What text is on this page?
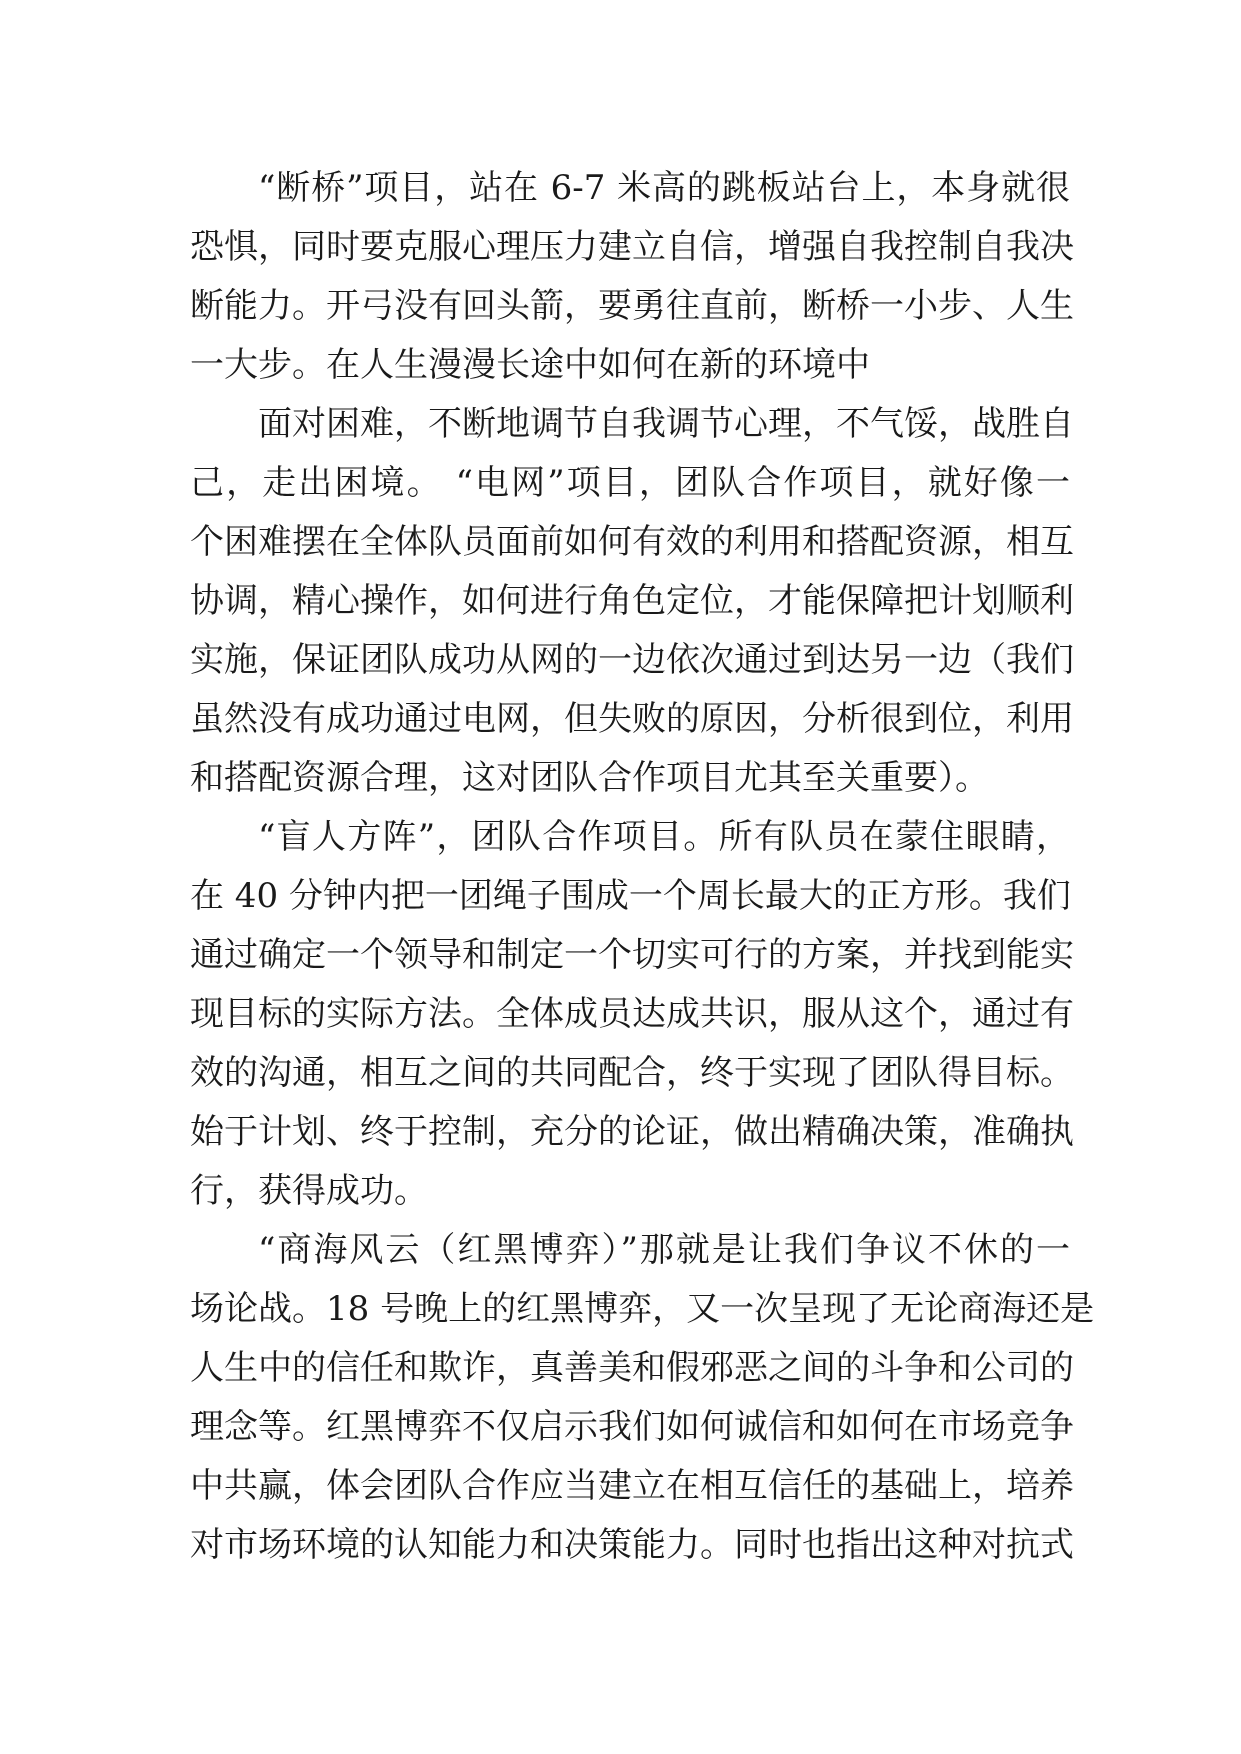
“断桥”项目，站在 6-7 米高的跳板站台上，本身就很
恐惧，同时要克服心理压力建立自信，增强自我控制自我决
断能力。开弓没有回头箭，要勇往直前，断桥一小步、人生
一大步。在人生漫漫长途中如何在新的环境中
面对困难，不断地调节自我调节心理，不气馁，战胜自
己，走出困境。 “电网”项目，团队合作项目，就好像一
个困难摆在全体队员面前如何有效的利用和搭配资源，相互
协调，精心操作，如何进行角色定位，才能保障把计划顺利
实施，保证团队成功从网的一边依次通过到达另一边（我们
虽然没有成功通过电网，但失败的原因，分析很到位，利用
和搭配资源合理，这对团队合作项目尤其至关重要）。
“盲人方阵”，团队合作项目。所有队员在蒙住眼睛，
在 40 分钟内把一团绳子围成一个周长最大的正方形。我们
通过确定一个领导和制定一个切实可行的方案，并找到能实
现目标的实际方法。全体成员达成共识，服从这个，通过有
效的沟通，相互之间的共同配合，终于实现了团队得目标。
始于计划、终于控制，充分的论证，做出精确决策，准确执
行，获得成功。
“商海风云（红黑博弈）”那就是让我们争议不休的一
场论战。18 号晚上的红黑博弈，又一次呈现了无论商海还是
人生中的信任和欺诈，真善美和假邪恶之间的斗争和公司的
理念等。红黑博弈不仅启示我们如何诚信和如何在市场竞争
中共赢，体会团队合作应当建立在相互信任的基础上，培养
对市场环境的认知能力和决策能力。同时也指出这种对抗式
